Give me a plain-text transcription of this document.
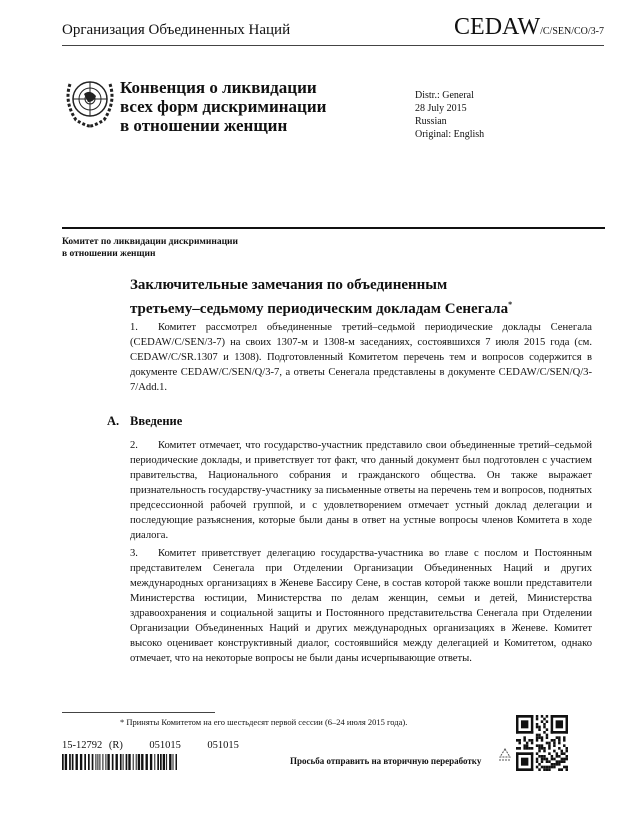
Организация Объединенных Наций	CEDAW/C/SEN/CO/3-7
Конвенция о ликвидации
всех форм дискриминации
в отношении женщин
Distr.: General
28 July 2015
Russian
Original: English
Комитет по ликвидации дискриминации
в отношении женщин
Заключительные замечания по объединенным
третьему–седьмому периодическим докладам Сенегала*
1. Комитет рассмотрел объединенные третий–седьмой периодические доклады Сенегала (CEDAW/C/SEN/3-7) на своих 1307-м и 1308-м заседаниях, состоявшихся 7 июля 2015 года (см. CEDAW/C/SR.1307 и 1308). Подготовленный Комитетом перечень тем и вопросов содержится в документе CEDAW/C/SEN/Q/3-7, а ответы Сенегала представлены в документе CEDAW/C/SEN/Q/3-7/Add.1.
A. Введение
2. Комитет отмечает, что государство-участник представило свои объединенные третий–седьмой периодические доклады, и приветствует тот факт, что данный документ был подготовлен с участием правительства, Национального собрания и гражданского общества. Он также выражает признательность государству-участнику за письменные ответы на перечень тем и вопросов, поднятых предсессионной рабочей группой, и с удовлетворением отмечает устный доклад делегации и последующие разъяснения, которые были даны в ответ на устные вопросы членов Комитета в ходе диалога.
3. Комитет приветствует делегацию государства-участника во главе с послом и Постоянным представителем Сенегала при Отделении Организации Объединенных Наций и других международных организациях в Женеве Бассиру Сене, в состав которой также вошли представители Министерства юстиции, Министерства по делам женщин, семьи и детей, Министерства здравоохранения и социальной защиты и Постоянного представительства Сенегала при Отделении Организации Объединенных Наций и других международных организациях в Женеве. Комитет высоко оценивает конструктивный диалог, состоявшийся между делегацией и Комитетом, однако отмечает, что на некоторые вопросы не были даны исчерпывающие ответы.
* Приняты Комитетом на его шестьдесят первой сессии (6–24 июля 2015 года).
15-12792 (R)    051015    051015
Просьба отправить на вторичную переработку
